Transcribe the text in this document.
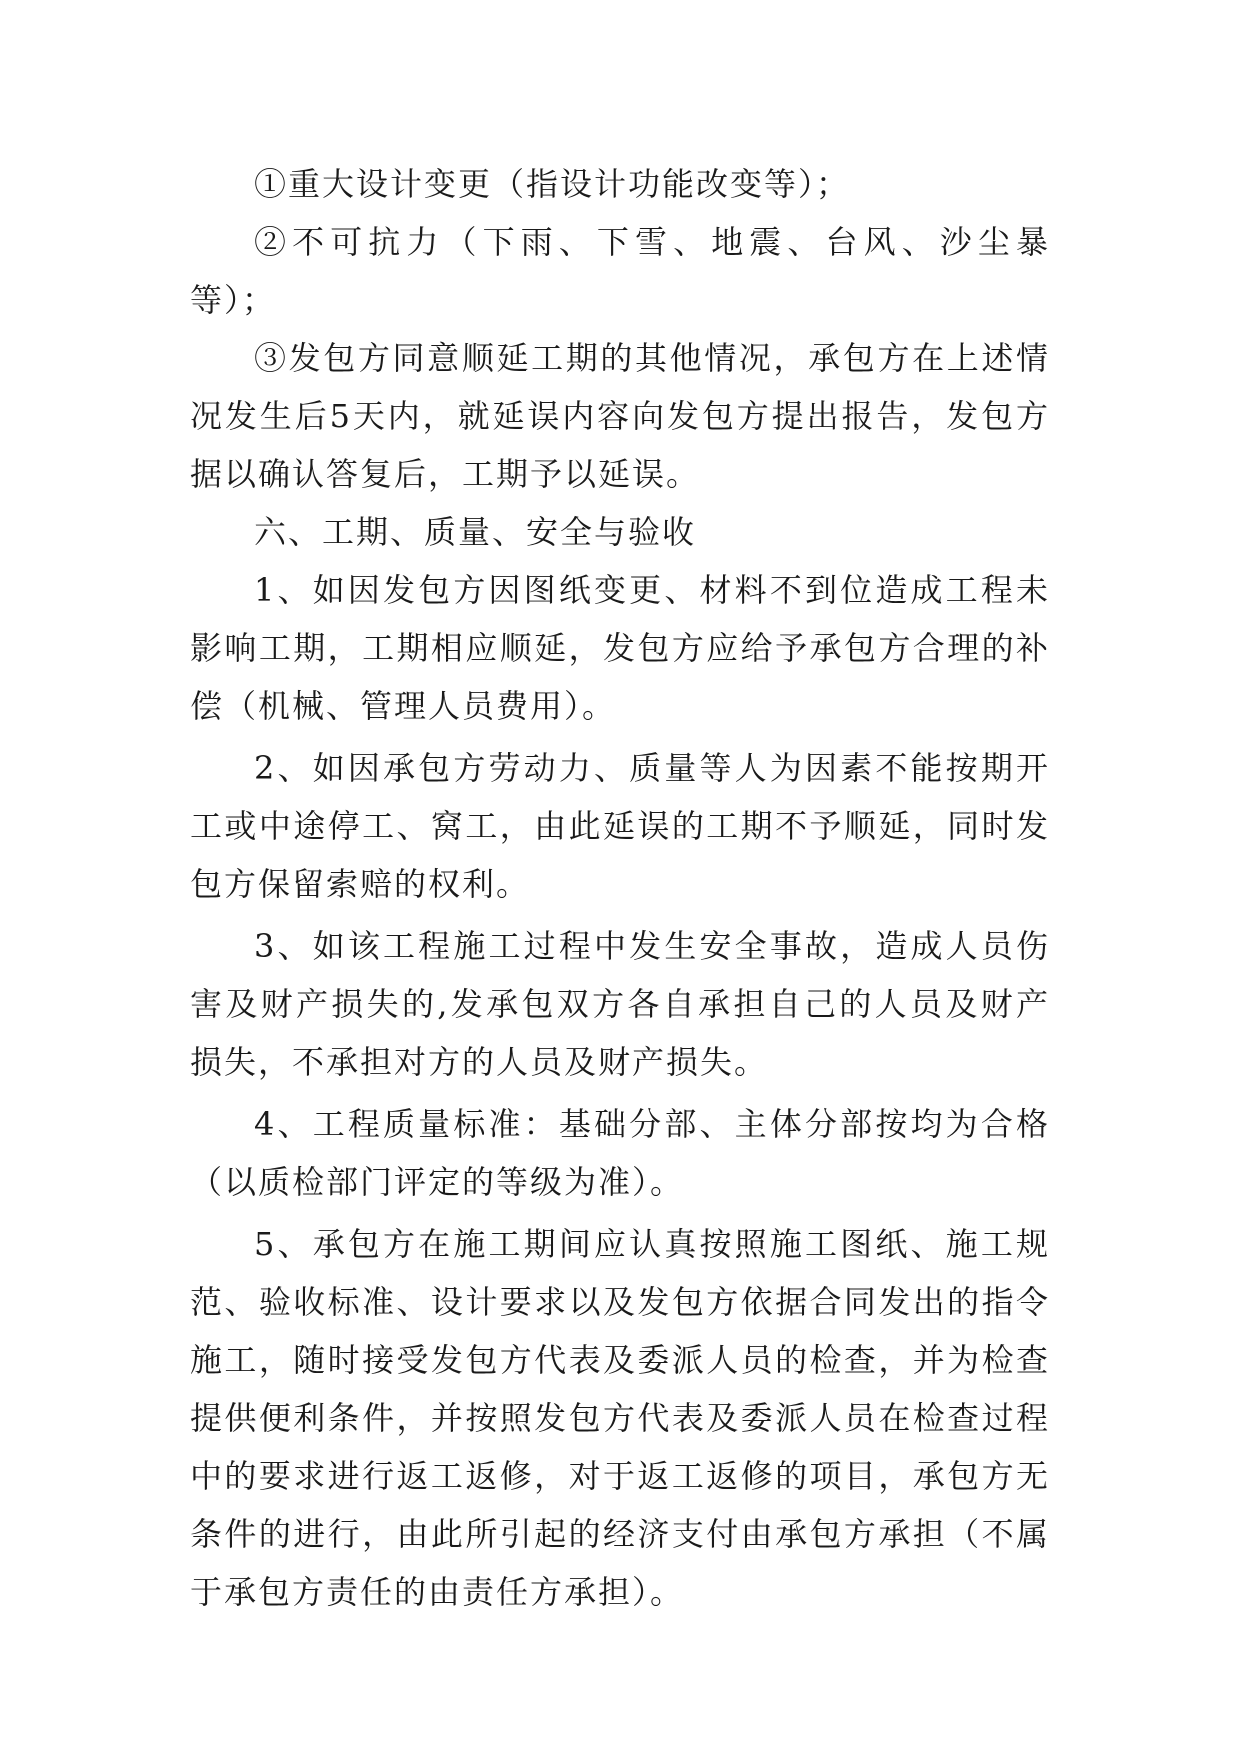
①重大设计变更（指设计功能改变等）；

②不可抗力（下雨、下雪、地震、台风、沙尘暴等）；

③发包方同意顺延工期的其他情况，承包方在上述情况发生后5天内，就延误内容向发包方提出报告，发包方据以确认答复后，工期予以延误。

六、工期、质量、安全与验收

1、如因发包方因图纸变更、材料不到位造成工程未影响工期，工期相应顺延，发包方应给予承包方合理的补偿（机械、管理人员费用）。

2、如因承包方劳动力、质量等人为因素不能按期开工或中途停工、窝工，由此延误的工期不予顺延，同时发包方保留索赔的权利。

3、如该工程施工过程中发生安全事故，造成人员伤害及财产损失的,发承包双方各自承担自己的人员及财产损失，不承担对方的人员及财产损失。

4、工程质量标准：基础分部、主体分部按均为合格（以质检部门评定的等级为准）。

5、承包方在施工期间应认真按照施工图纸、施工规范、验收标准、设计要求以及发包方依据合同发出的指令施工，随时接受发包方代表及委派人员的检查，并为检查提供便利条件，并按照发包方代表及委派人员在检查过程中的要求进行返工返修，对于返工返修的项目，承包方无条件的进行，由此所引起的经济支付由承包方承担（不属于承包方责任的由责任方承担）。
